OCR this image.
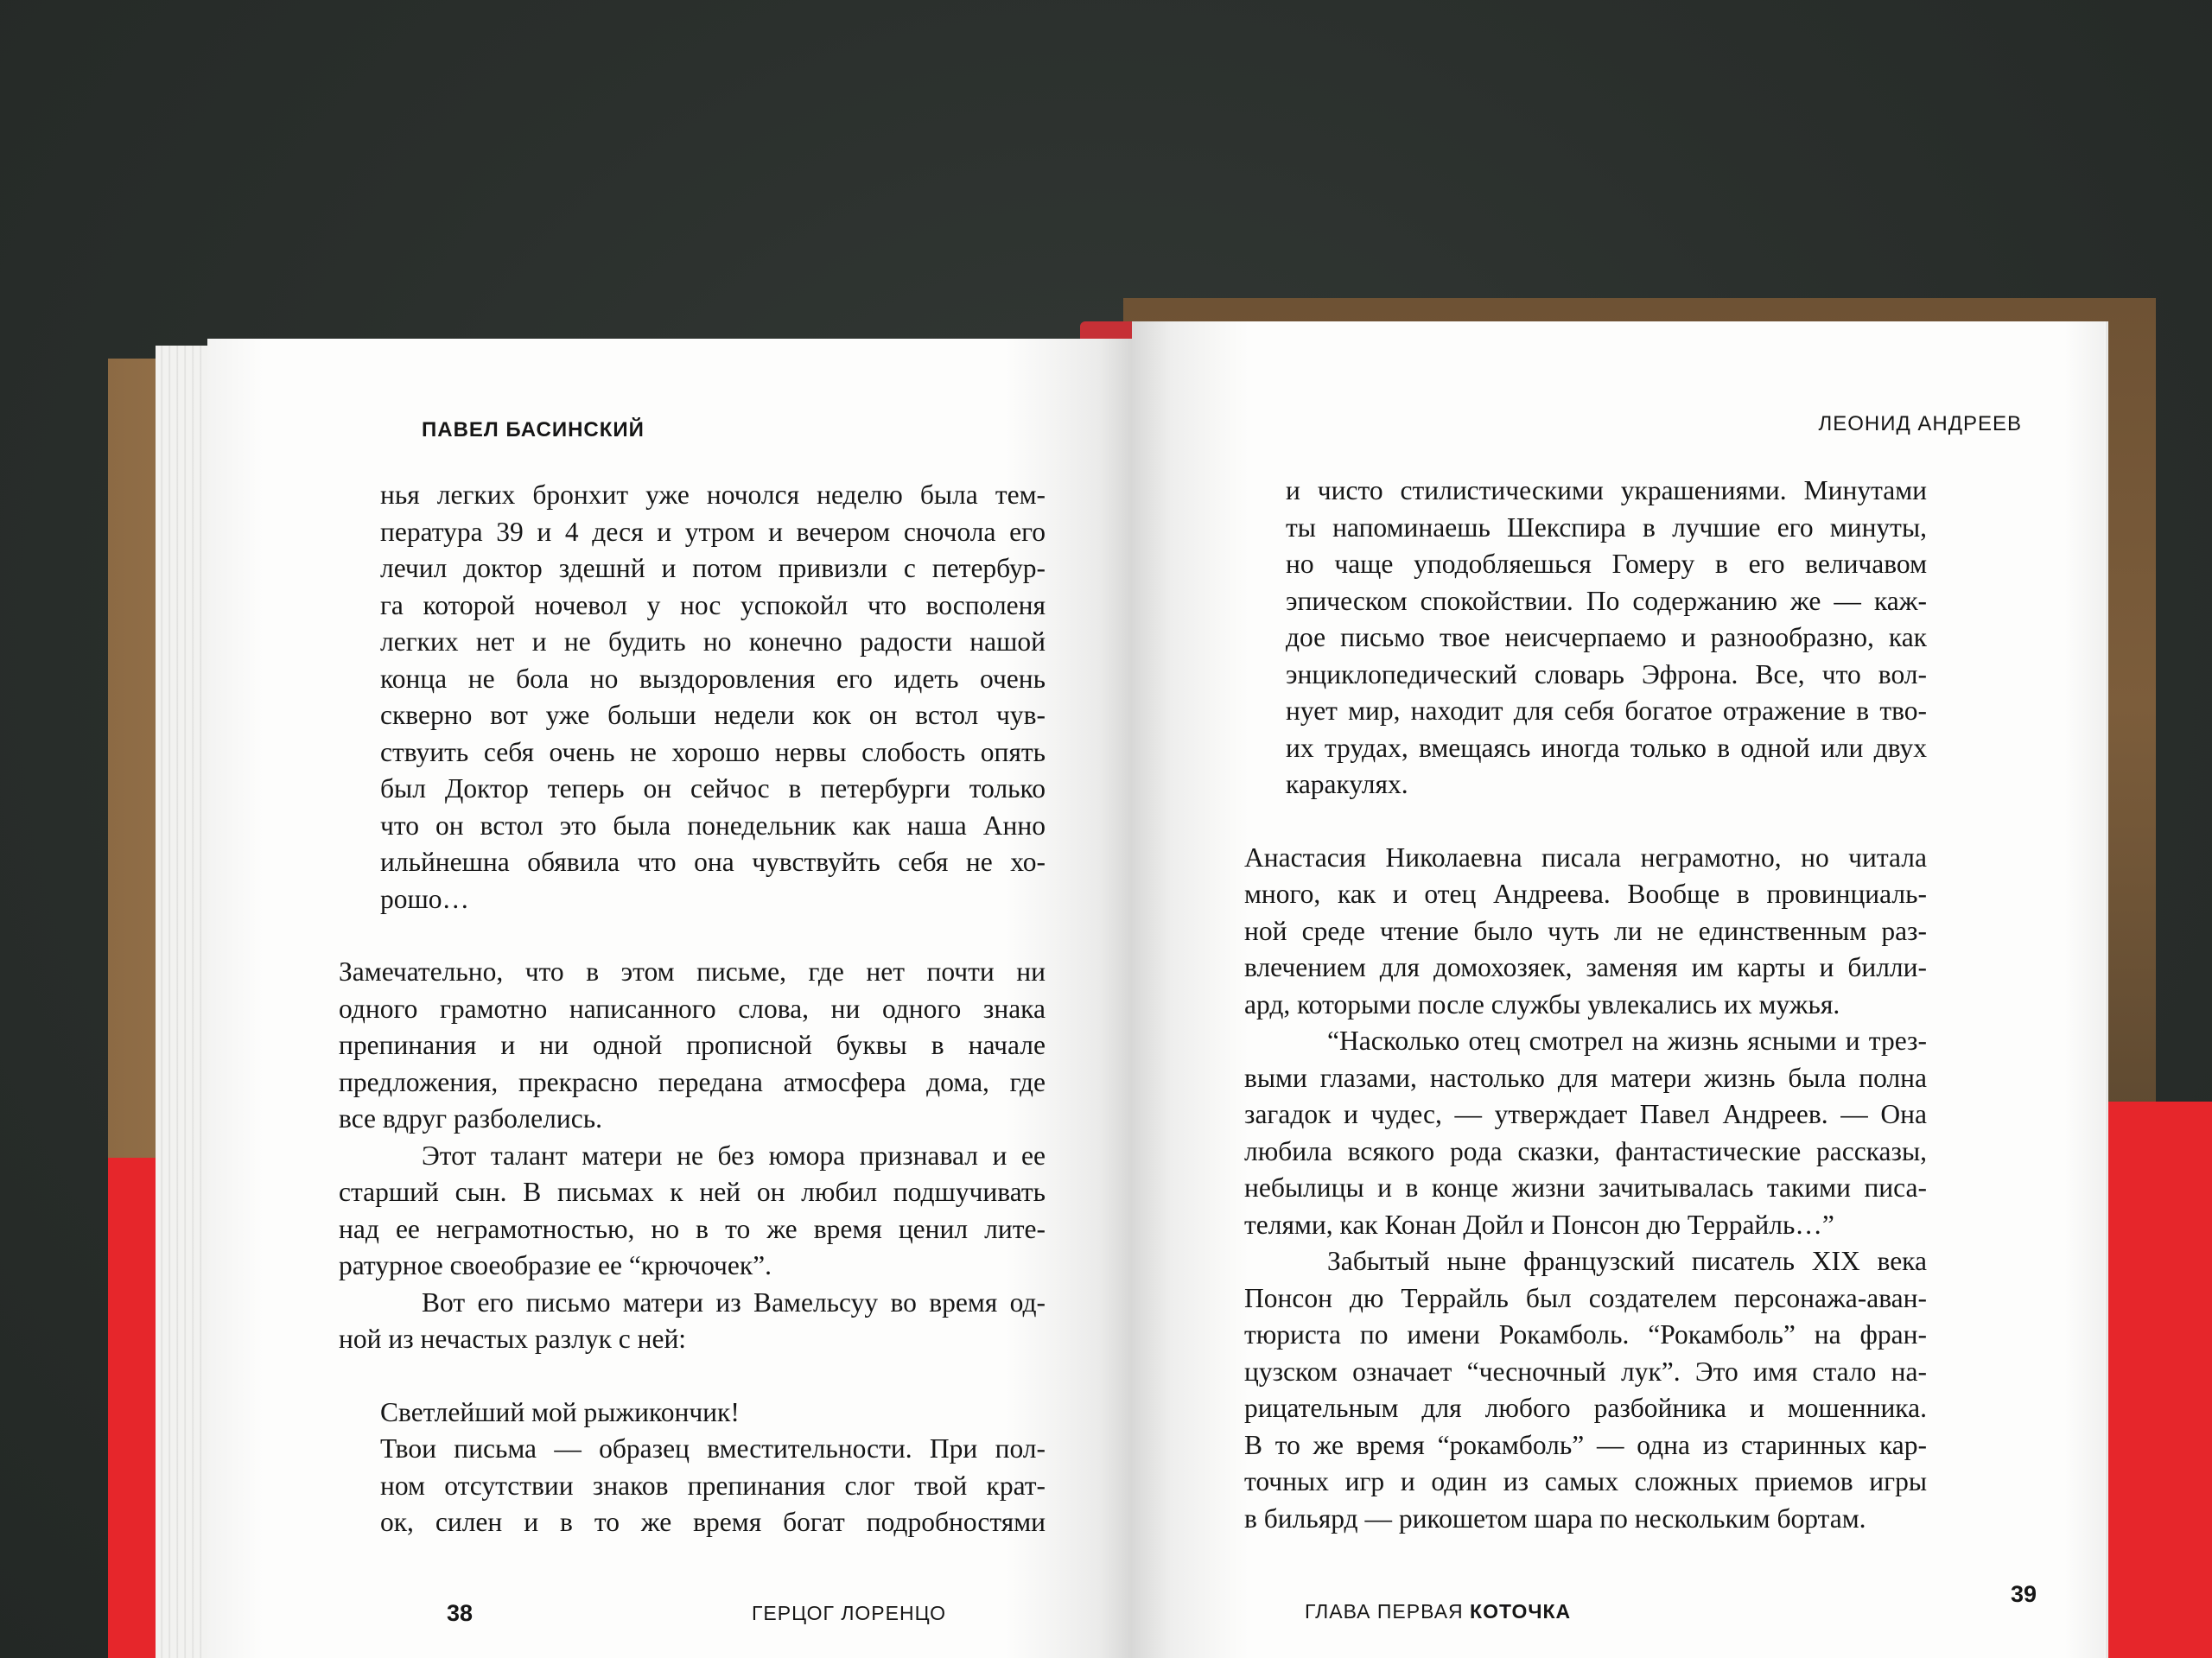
ПАВЕЛ БАСИНСКИЙ
нья легких бронхит уже ночолся неделю была тем-
пература 39 и 4 деся и утром и вечером сночола его
лечил доктор здешнй и потом привизли с петербур-
га которой ночевол у нос успокойл что восполеня
легких нет и не будить но конечно радости нашой
конца не бола но выздоровления его идеть очень
скверно вот уже больши недели кок он встол чув-
ствуить себя очень не хорошо нервы слобость опять
был Доктор теперь он сейчос в петербурги только
что он встол это была понедельник как наша Анно
ильйнешна обявила что она чувствуйть себя не хо-
рошо…
Замечательно, что в этом письме, где нет почти ни
одного грамотно написанного слова, ни одного знака
препинания и ни одной прописной буквы в начале
предложения, прекрасно передана атмосфера дома, где
все вдруг разболелись.
Этот талант матери не без юмора признавал и ее
старший сын. В письмах к ней он любил подшучивать
над ее неграмотностью, но в то же время ценил лите-
ратурное своеобразие ее “крючочек”.
Вот его письмо матери из Вамельсуу во время од-
ной из нечастых разлук с ней:
Светлейший мой рыжикончик!
Твои письма — образец вместительности. При пол-
ном отсутствии знаков препинания слог твой крат-
ок, силен и в то же время богат подробностями
38	ГЕРЦОГ ЛОРЕНЦО
ЛЕОНИД АНДРЕЕВ
и чисто стилистическими украшениями. Минутами
ты напоминаешь Шекспира в лучшие его минуты,
но чаще уподобляешься Гомеру в его величавом
эпическом спокойствии. По содержанию же — каж-
дое письмо твое неисчерпаемо и разнообразно, как
энциклопедический словарь Эфрона. Все, что вол-
нует мир, находит для себя богатое отражение в тво-
их трудах, вмещаясь иногда только в одной или двух
каракулях.
Анастасия Николаевна писала неграмотно, но читала
много, как и отец Андреева. Вообще в провинциаль-
ной среде чтение было чуть ли не единственным раз-
влечением для домохозяек, заменяя им карты и билли-
ард, которыми после службы увлекались их мужья.
“Насколько отец смотрел на жизнь ясными и трез-
выми глазами, настолько для матери жизнь была полна
загадок и чудес, — утверждает Павел Андреев. — Она
любила всякого рода сказки, фантастические рассказы,
небылицы и в конце жизни зачитывалась такими писа-
телями, как Конан Дойл и Понсон дю Террайль…”
Забытый ныне французский писатель XIX века
Понсон дю Террайль был создателем персонажа-аван-
тюриста по имени Рокамболь. “Рокамболь” на фран-
цузском означает “чесночный лук”. Это имя стало на-
рицательным для любого разбойника и мошенника.
В то же время “рокамболь” — одна из старинных кар-
точных игр и один из самых сложных приемов игры
в бильярд — рикошетом шара по нескольким бортам.
ГЛАВА ПЕРВАЯ КОТОЧКА
39
